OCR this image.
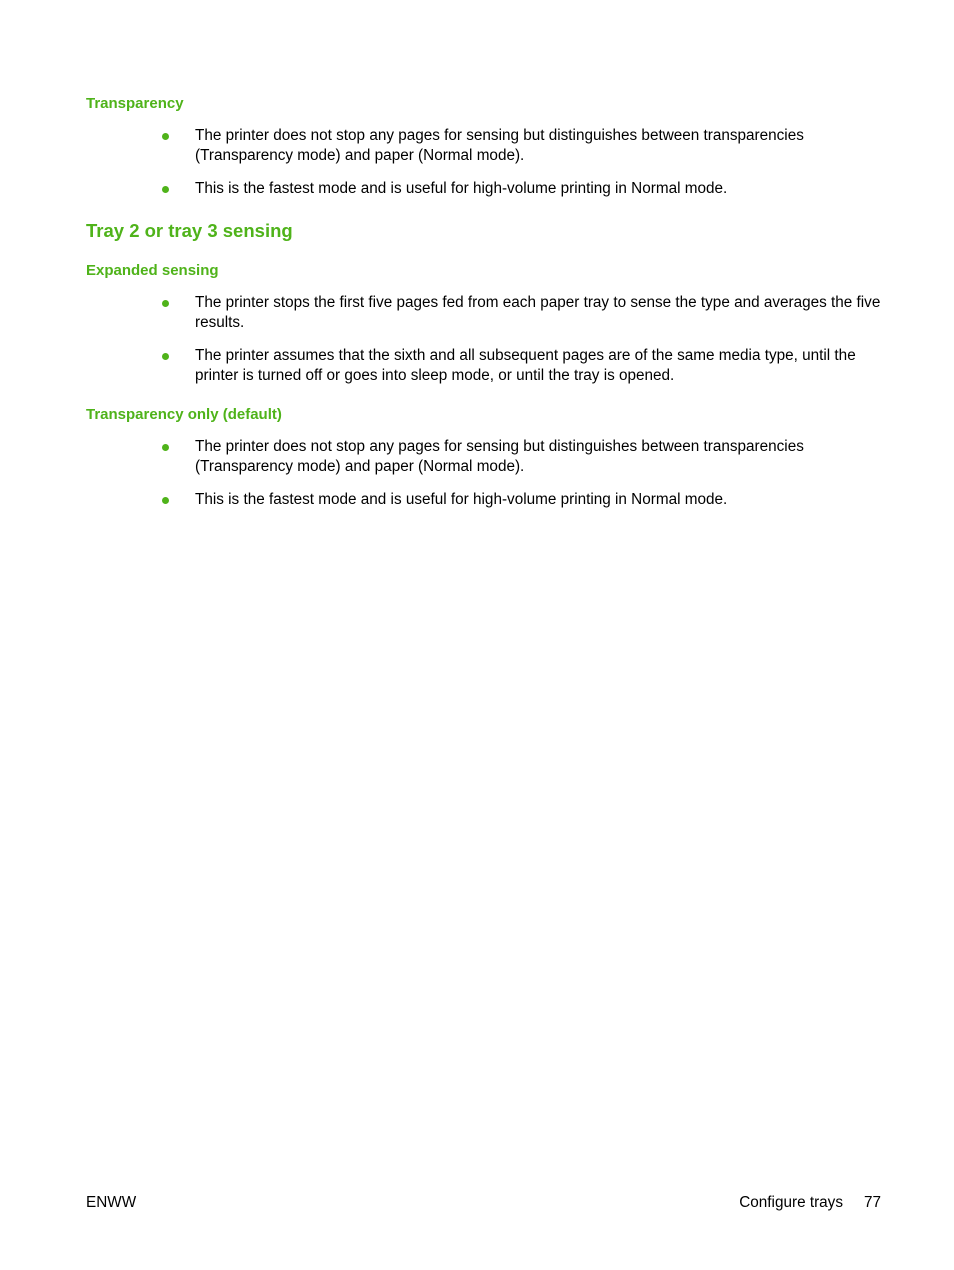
Transparency
The printer does not stop any pages for sensing but distinguishes between transparencies (Transparency mode) and paper (Normal mode).
This is the fastest mode and is useful for high-volume printing in Normal mode.
Tray 2 or tray 3 sensing
Expanded sensing
The printer stops the first five pages fed from each paper tray to sense the type and averages the five results.
The printer assumes that the sixth and all subsequent pages are of the same media type, until the printer is turned off or goes into sleep mode, or until the tray is opened.
Transparency only (default)
The printer does not stop any pages for sensing but distinguishes between transparencies (Transparency mode) and paper (Normal mode).
This is the fastest mode and is useful for high-volume printing in Normal mode.
ENWW	Configure trays 77
